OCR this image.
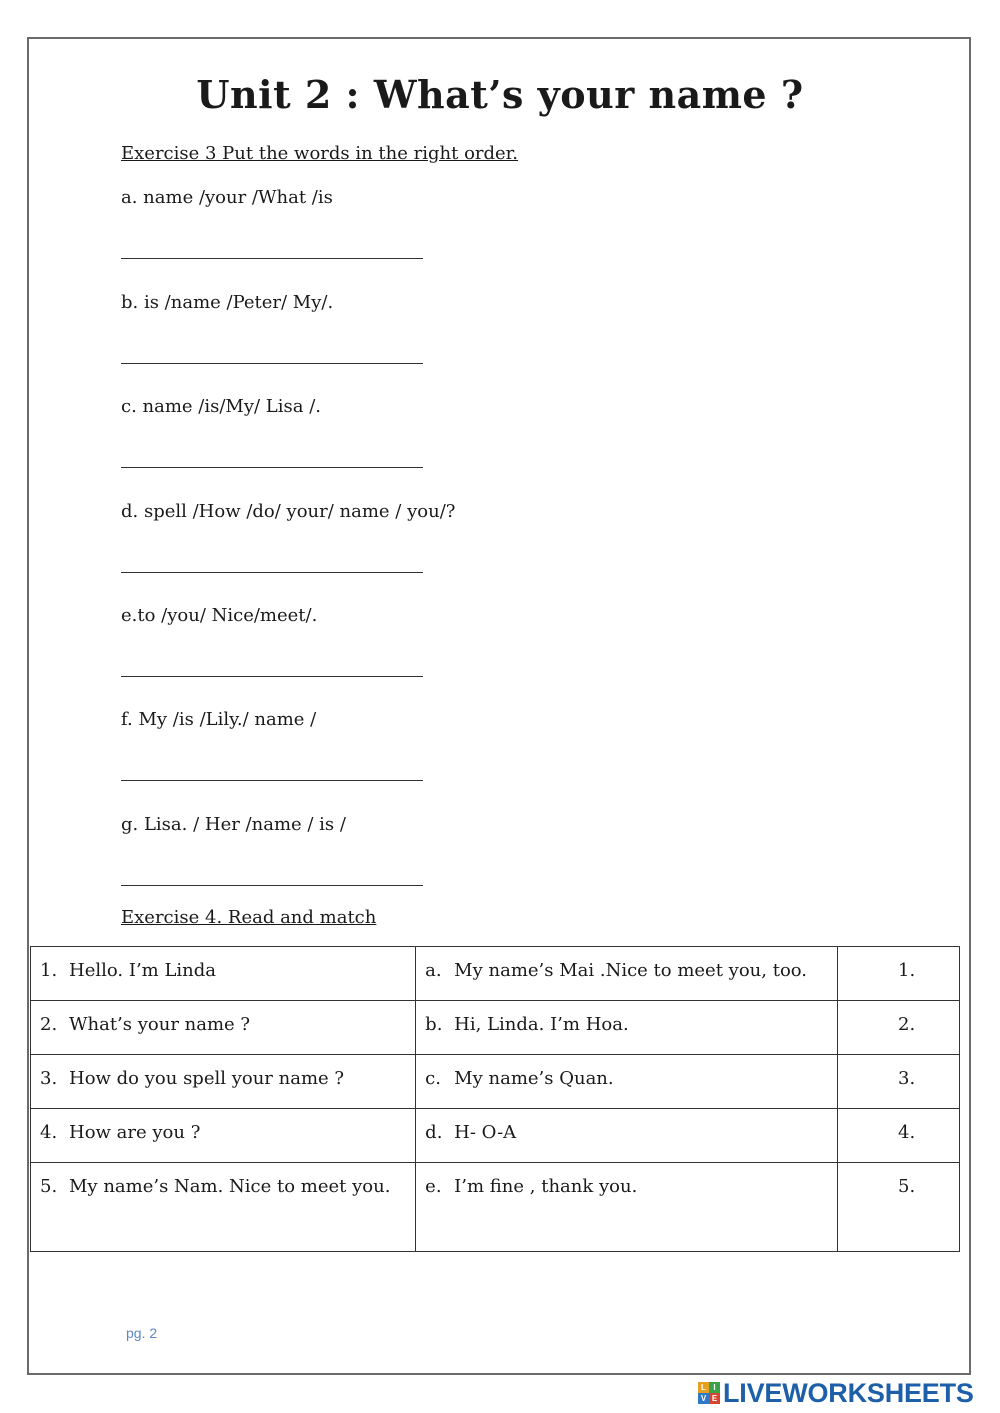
Unit 2 : What’s your name ?
Exercise 3 Put the words in the right order.
a. name /your /What /is
b. is /name /Peter/ My/.
c. name /is/My/ Lisa /.
d. spell /How /do/ your/ name / you/?
e.to /you/ Nice/meet/.
f. My /is /Lily./ name /
g. Lisa. / Her /name / is /
Exercise 4. Read and match
1. Hello. I’m Linda	a. My name’s Mai .Nice to meet you, too.	1.

2. What’s your name ?	b. Hi, Linda. I’m Hoa.	2.

3. How do you spell your name ?	c. My name’s Quan.	3.

4. How are you ?	d. H- O-A	4.

5. My name’s Nam. Nice to meet you.	e. I’m fine , thank you.	5.
pg. 2
L I
V E LIVEWORKSHEETS
